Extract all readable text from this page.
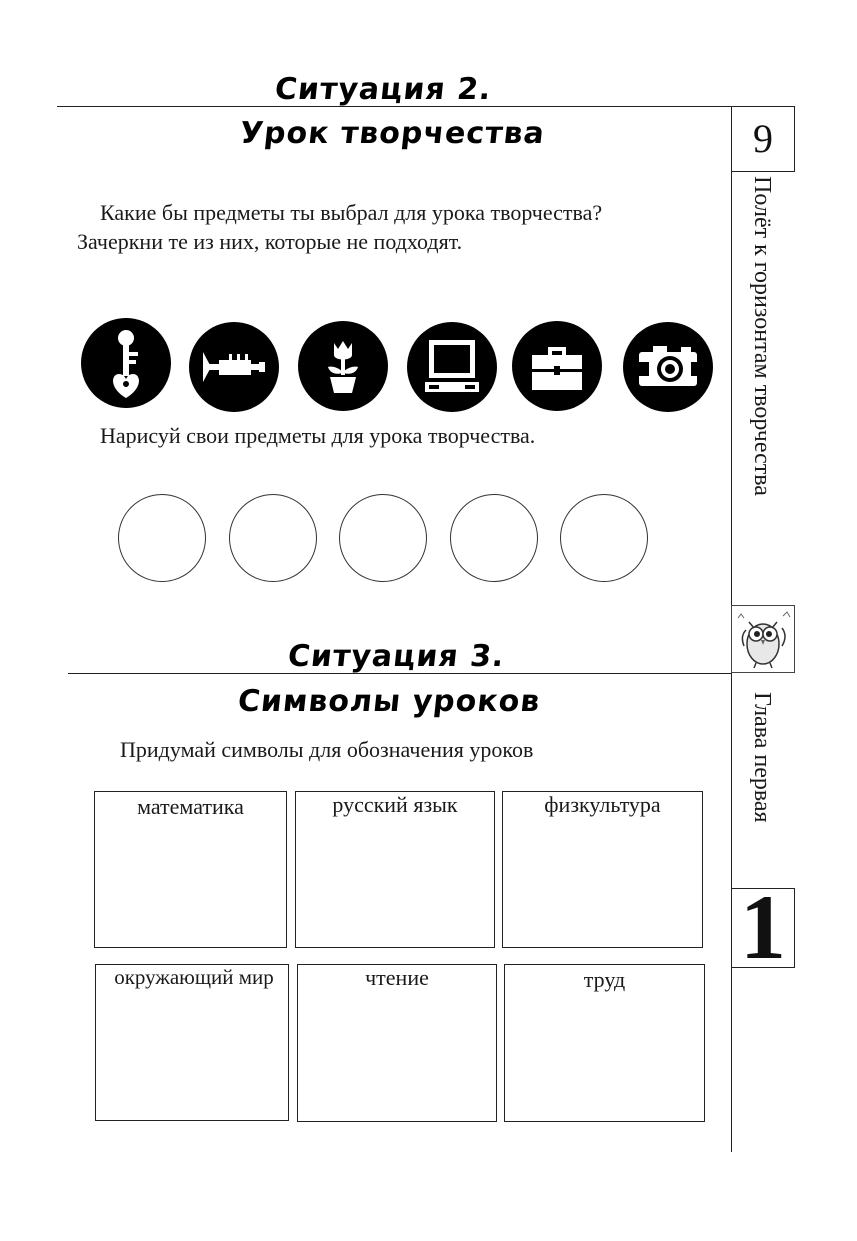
9
Полёт к горизонтам творчества
Глава первая
1
Ситуация 2.
Урок творчества
Какие бы предметы ты выбрал для урока творчества?
Зачеркни те из них, которые не подходят.
Нарисуй свои предметы для урока творчества.
Ситуация 3.
Символы уроков
Придумай символы для обозначения уроков
математика	русский язык	физкультура
окружающий мир	чтение	труд
